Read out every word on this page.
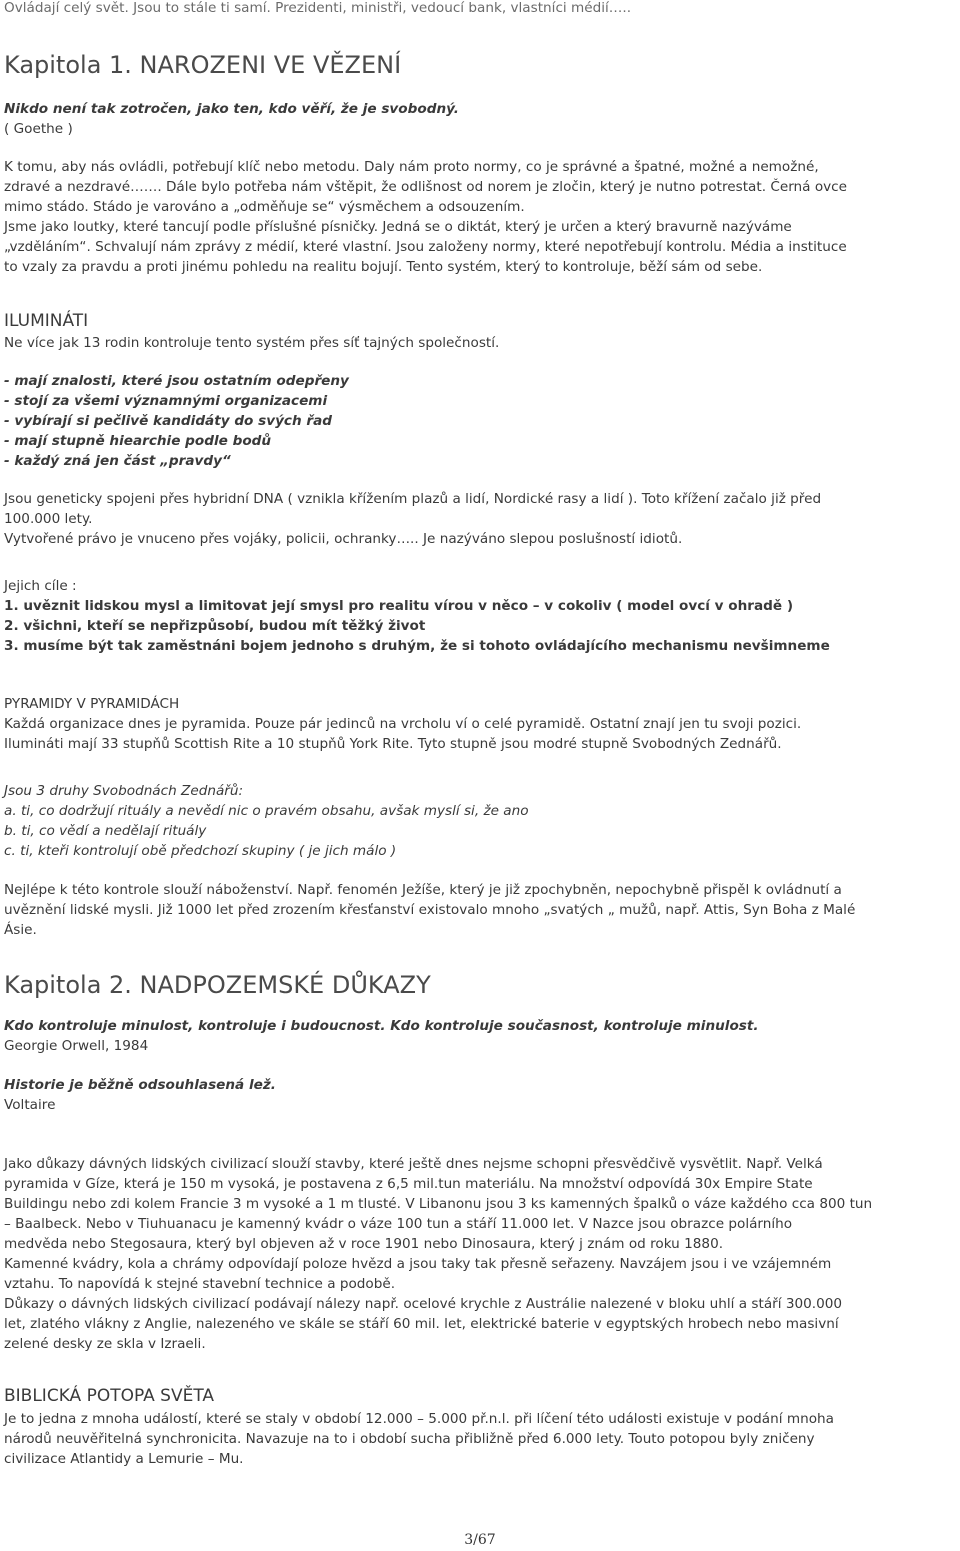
Ovládají celý svět. Jsou to stále ti samí. Prezidenti, ministři, vedoucí bank, vlastníci médií…..
Kapitola 1. NAROZENI VE VĚZENÍ
Nikdo není tak zotročen, jako ten, kdo věří, že je svobodný.
( Goethe )
K tomu, aby nás ovládli, potřebují klíč nebo metodu. Daly nám proto normy, co je správné a špatné, možné a nemožné,
zdravé a nezdravé……. Dále bylo potřeba nám vštěpit, že odlišnost od norem je zločin, který je nutno potrestat. Černá ovce
mimo stádo. Stádo je varováno a „odměňuje se“ výsměchem a odsouzením.
Jsme jako loutky, které tancují podle příslušné písničky. Jedná se o diktát, který je určen a který bravurně nazýváme
„vzděláním“. Schvalují nám zprávy z médií, které vlastní. Jsou založeny normy, které nepotřebují kontrolu. Média a instituce
to vzaly za pravdu a proti jinému pohledu na realitu bojují. Tento systém, který to kontroluje, běží sám od sebe.
ILUMINÁTI
Ne více jak 13 rodin kontroluje tento systém přes síť tajných společností.
- mají znalosti, které jsou ostatním odepřeny
- stojí za všemi významnými organizacemi
- vybírají si pečlivě kandidáty do svých řad
- mají stupně hiearchie podle bodů
- každý zná jen část „pravdy“
Jsou geneticky spojeni přes hybridní DNA ( vznikla křížením plazů a lidí, Nordické rasy a lidí ). Toto křížení začalo již před
100.000 lety.
Vytvořené právo je vnuceno přes vojáky, policii, ochranky….. Je nazýváno slepou poslušností idiotů.
Jejich cíle :
1. uvěznit lidskou mysl a limitovat její smysl pro realitu vírou v něco – v cokoliv ( model ovcí v ohradě )
2. všichni, kteří se nepřizpůsobí, budou mít těžký život
3. musíme být tak zaměstnáni bojem jednoho s druhým, že si tohoto ovládajícího mechanismu nevšimneme
PYRAMIDY V PYRAMIDÁCH
Každá organizace dnes je pyramida. Pouze pár jedinců na vrcholu ví o celé pyramidě. Ostatní znají jen tu svoji pozici.
Ilumináti mají 33 stupňů Scottish Rite a 10 stupňů York Rite. Tyto stupně jsou modré stupně Svobodných Zednářů.
Jsou 3 druhy Svobodnách Zednářů:
a. ti, co dodržují rituály a nevědí nic o pravém obsahu, avšak myslí si, že ano
b. ti, co vědí a nedělají rituály
c. ti, kteři kontrolují obě předchozí skupiny ( je jich málo )
Nejlépe k této kontrole slouží náboženství. Např. fenomén Ježíše, který je již zpochybněn, nepochybně přispěl k ovládnutí a
uvěznění lidské mysli. Již 1000 let před zrozením křesťanství existovalo mnoho „svatých „ mužů, např. Attis, Syn Boha z Malé
Ásie.
Kapitola 2. NADPOZEMSKÉ DŮKAZY
Kdo kontroluje minulost, kontroluje i budoucnost. Kdo kontroluje současnost, kontroluje minulost.
Georgie Orwell, 1984
Historie je běžně odsouhlasená lež.
Voltaire
Jako důkazy dávných lidských civilizací slouží stavby, které ještě dnes nejsme schopni přesvědčivě vysvětlit. Např. Velká
pyramida v Gíze, která je 150 m vysoká, je postavena z 6,5 mil.tun materiálu. Na množství odpovídá 30x Empire State
Buildingu nebo zdi kolem Francie 3 m vysoké a 1 m tlusté. V Libanonu jsou 3 ks kamenných špalků o váze každého cca 800 tun
– Baalbeck. Nebo v Tiuhuanacu je kamenný kvádr o váze 100 tun a stáří 11.000 let. V Nazce jsou obrazce polárního
medvěda nebo Stegosaura, který byl objeven až v roce 1901 nebo Dinosaura, který j znám od roku 1880.
Kamenné kvádry, kola a chrámy odpovídají poloze hvězd a jsou taky tak přesně seřazeny. Navzájem jsou i ve vzájemném
vztahu. To napovídá k stejné stavební technice a podobě.
Důkazy o dávných lidských civilizací podávají nálezy např. ocelové krychle z Austrálie nalezené v bloku uhlí a stáří 300.000
let, zlatého vlákny z Anglie, nalezeného ve skále se stáří 60 mil. let, elektrické baterie v egyptských hrobech nebo masivní
zelené desky ze skla v Izraeli.
BIBLICKÁ POTOPA SVĚTA
Je to jedna z mnoha událostí, které se staly v období 12.000 – 5.000 př.n.l. při líčení této události existuje v podání mnoha
národů neuvěřitelná synchronicita. Navazuje na to i období sucha přibližně před 6.000 lety. Touto potopou byly zničeny
civilizace Atlantidy a Lemurie – Mu.
3/67
